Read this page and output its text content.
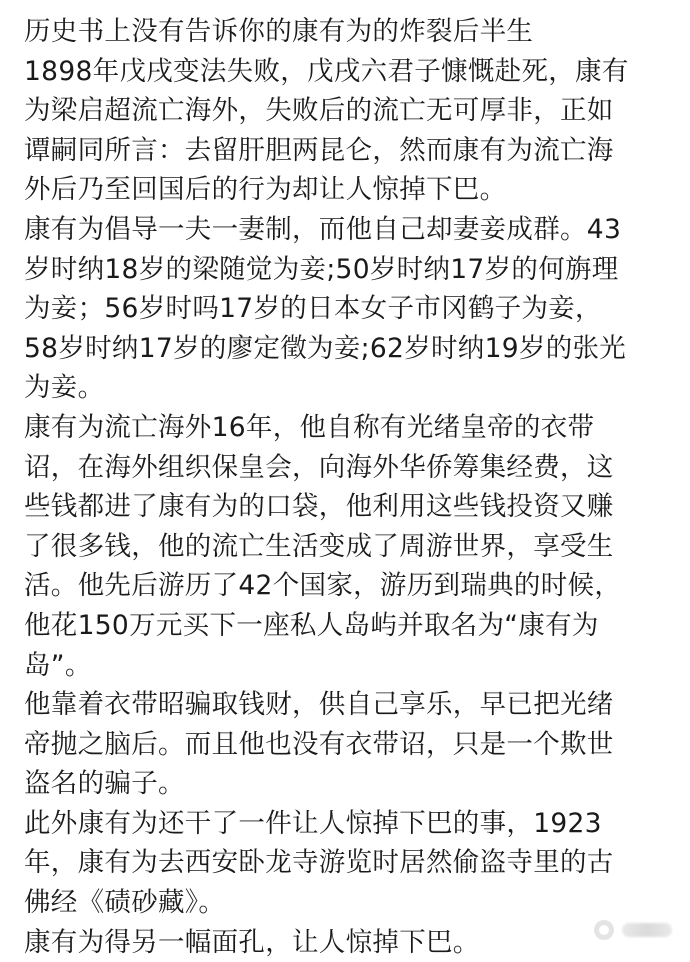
历史书上没有告诉你的康有为的炸裂后半生

1898年戊戌变法失败，戊戌六君子慷慨赴死，康有
为梁启超流亡海外，失败后的流亡无可厚非，正如
谭嗣同所言：去留肝胆两昆仑，然而康有为流亡海
外后乃至回国后的行为却让人惊掉下巴。

康有为倡导一夫一妻制，而他自己却妻妾成群。43
岁时纳18岁的梁随觉为妾;50岁时纳17岁的何旃理
为妾；56岁时吗17岁的日本女子市冈鹤子为妾，
58岁时纳17岁的廖定徵为妾;62岁时纳19岁的张光
为妾。

康有为流亡海外16年，他自称有光绪皇帝的衣带
诏，在海外组织保皇会，向海外华侨筹集经费，这
些钱都进了康有为的口袋，他利用这些钱投资又赚
了很多钱，他的流亡生活变成了周游世界，享受生
活。他先后游历了42个国家，游历到瑞典的时候，
他花150万元买下一座私人岛屿并取名为“康有为
岛”。

他靠着衣带昭骗取钱财，供自己享乐，早已把光绪
帝抛之脑后。而且他也没有衣带诏，只是一个欺世
盗名的骗子。

此外康有为还干了一件让人惊掉下巴的事，1923
年，康有为去西安卧龙寺游览时居然偷盗寺里的古
佛经《碛砂藏》。

康有为得另一幅面孔，让人惊掉下巴。
